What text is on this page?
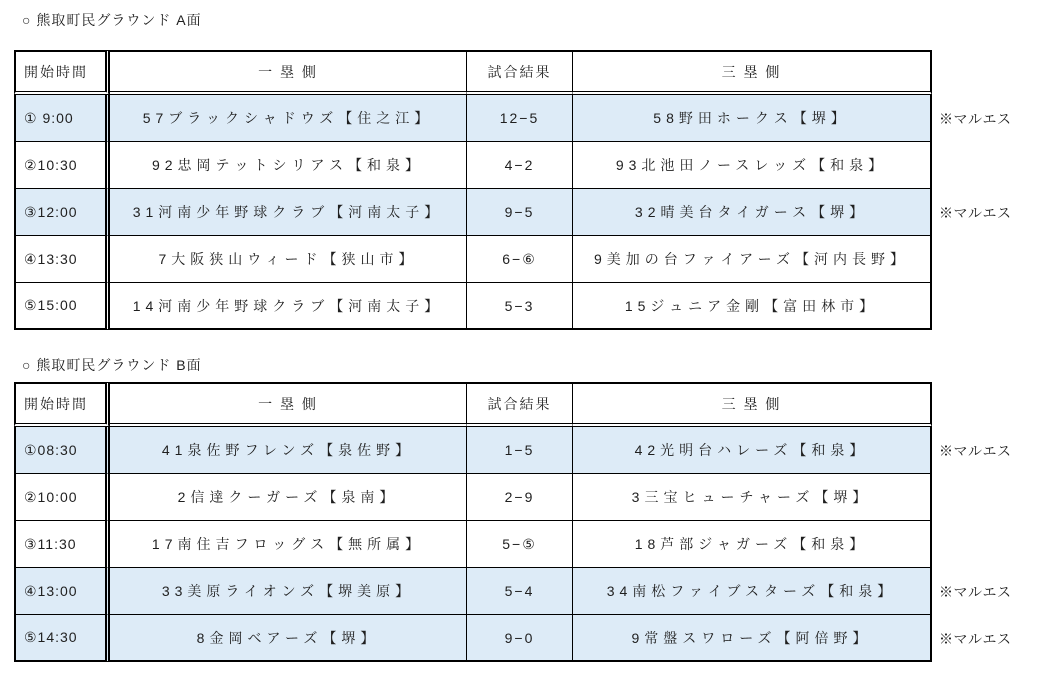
○ 熊取町民グラウンド A面
開始時間	一 塁 側	試合結果	三 塁 側
① 9:00	57ブラックシャドウズ【住之江】	12−5	58野田ホークス【堺】	※マルエス
②10:30	92忠岡テットシリアス【和泉】	4−2	93北池田ノースレッズ【和泉】
③12:00	31河南少年野球クラブ【河南太子】	9−5	32晴美台タイガース【堺】	※マルエス
④13:30	7大阪狭山ウィード【狭山市】	6−⑥	9美加の台ファイアーズ【河内長野】
⑤15:00	14河南少年野球クラブ【河南太子】	5−3	15ジュニア金剛【富田林市】
○ 熊取町民グラウンド B面
開始時間	一 塁 側	試合結果	三 塁 側
①08:30	41泉佐野フレンズ【泉佐野】	1−5	42光明台ハレーズ【和泉】	※マルエス
②10:00	2信達クーガーズ【泉南】	2−9	3三宝ヒューチャーズ【堺】
③11:30	17南住吉フロッグス【無所属】	5−⑤	18芦部ジャガーズ【和泉】
④13:00	33美原ライオンズ【堺美原】	5−4	34南松ファイブスターズ【和泉】	※マルエス
⑤14:30	8金岡ベアーズ【堺】	9−0	9常盤スワローズ【阿倍野】	※マルエス
